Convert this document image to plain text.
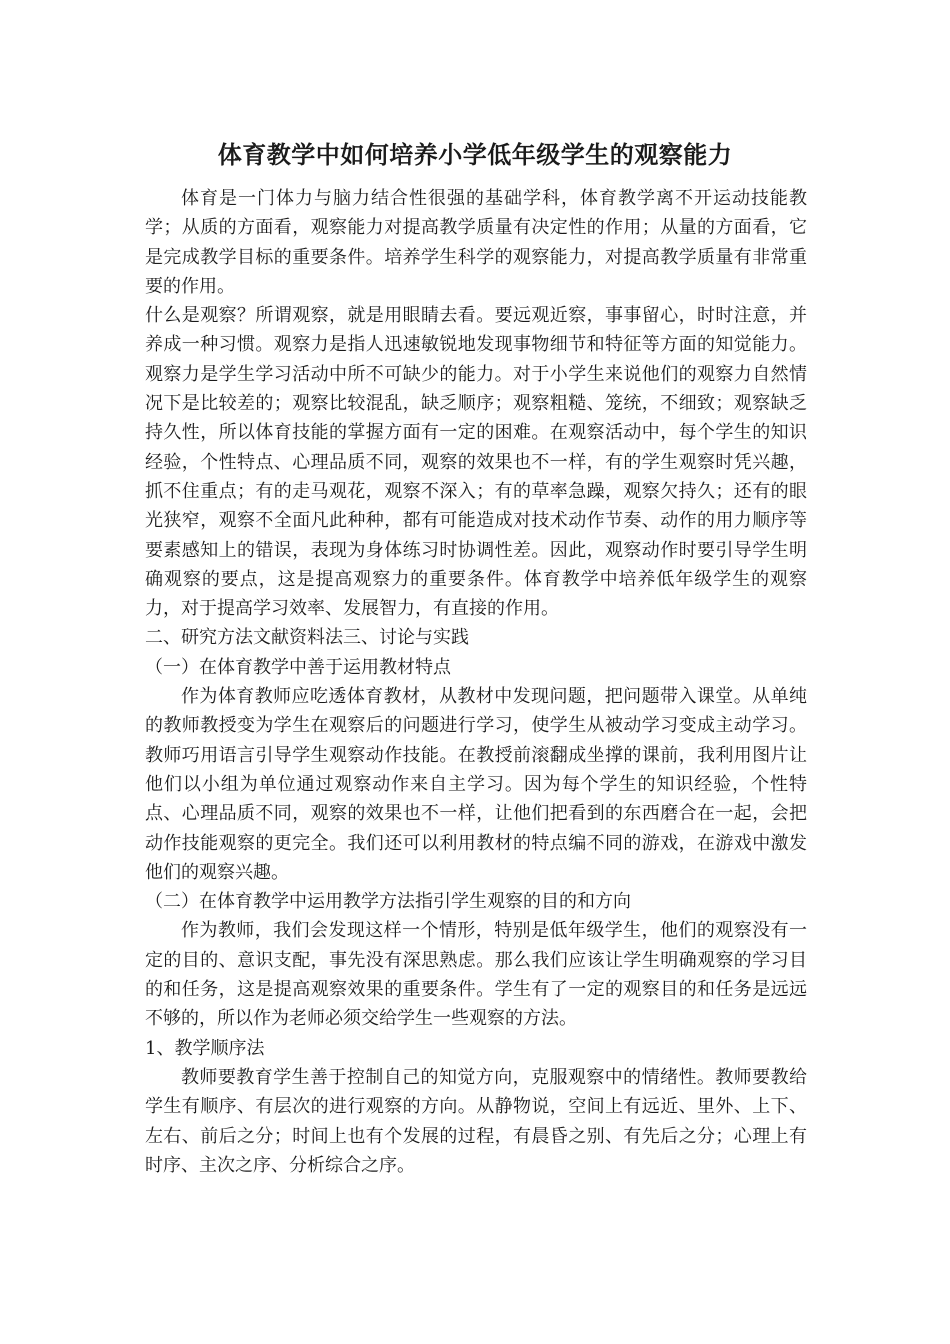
体育教学中如何培养小学低年级学生的观察能力

体育是一门体力与脑力结合性很强的基础学科，体育教学离不开运动技能教学；从质的方面看，观察能力对提高教学质量有决定性的作用；从量的方面看，它是完成教学目标的重要条件。培养学生科学的观察能力，对提高教学质量有非常重要的作用。

什么是观察？所谓观察，就是用眼睛去看。要远观近察，事事留心，时时注意，并养成一种习惯。观察力是指人迅速敏锐地发现事物细节和特征等方面的知觉能力。观察力是学生学习活动中所不可缺少的能力。对于小学生来说他们的观察力自然情况下是比较差的；观察比较混乱，缺乏顺序；观察粗糙、笼统，不细致；观察缺乏持久性，所以体育技能的掌握方面有一定的困难。在观察活动中，每个学生的知识经验，个性特点、心理品质不同，观察的效果也不一样，有的学生观察时凭兴趣，抓不住重点；有的走马观花，观察不深入；有的草率急躁，观察欠持久；还有的眼光狭窄，观察不全面凡此种种，都有可能造成对技术动作节奏、动作的用力顺序等要素感知上的错误，表现为身体练习时协调性差。因此，观察动作时要引导学生明确观察的要点，这是提高观察力的重要条件。体育教学中培养低年级学生的观察力，对于提高学习效率、发展智力，有直接的作用。

二、研究方法文献资料法三、讨论与实践

（一）在体育教学中善于运用教材特点

作为体育教师应吃透体育教材，从教材中发现问题，把问题带入课堂。从单纯的教师教授变为学生在观察后的问题进行学习，使学生从被动学习变成主动学习。教师巧用语言引导学生观察动作技能。在教授前滚翻成坐撑的课前，我利用图片让他们以小组为单位通过观察动作来自主学习。因为每个学生的知识经验，个性特点、心理品质不同，观察的效果也不一样，让他们把看到的东西磨合在一起，会把动作技能观察的更完全。我们还可以利用教材的特点编不同的游戏，在游戏中激发他们的观察兴趣。

（二）在体育教学中运用教学方法指引学生观察的目的和方向

作为教师，我们会发现这样一个情形，特别是低年级学生，他们的观察没有一定的目的、意识支配，事先没有深思熟虑。那么我们应该让学生明确观察的学习目的和任务，这是提高观察效果的重要条件。学生有了一定的观察目的和任务是远远不够的，所以作为老师必须交给学生一些观察的方法。

1、教学顺序法

教师要教育学生善于控制自己的知觉方向，克服观察中的情绪性。教师要教给学生有顺序、有层次的进行观察的方向。从静物说，空间上有远近、里外、上下、左右、前后之分；时间上也有个发展的过程，有晨昏之别、有先后之分；心理上有时序、主次之序、分析综合之序。
